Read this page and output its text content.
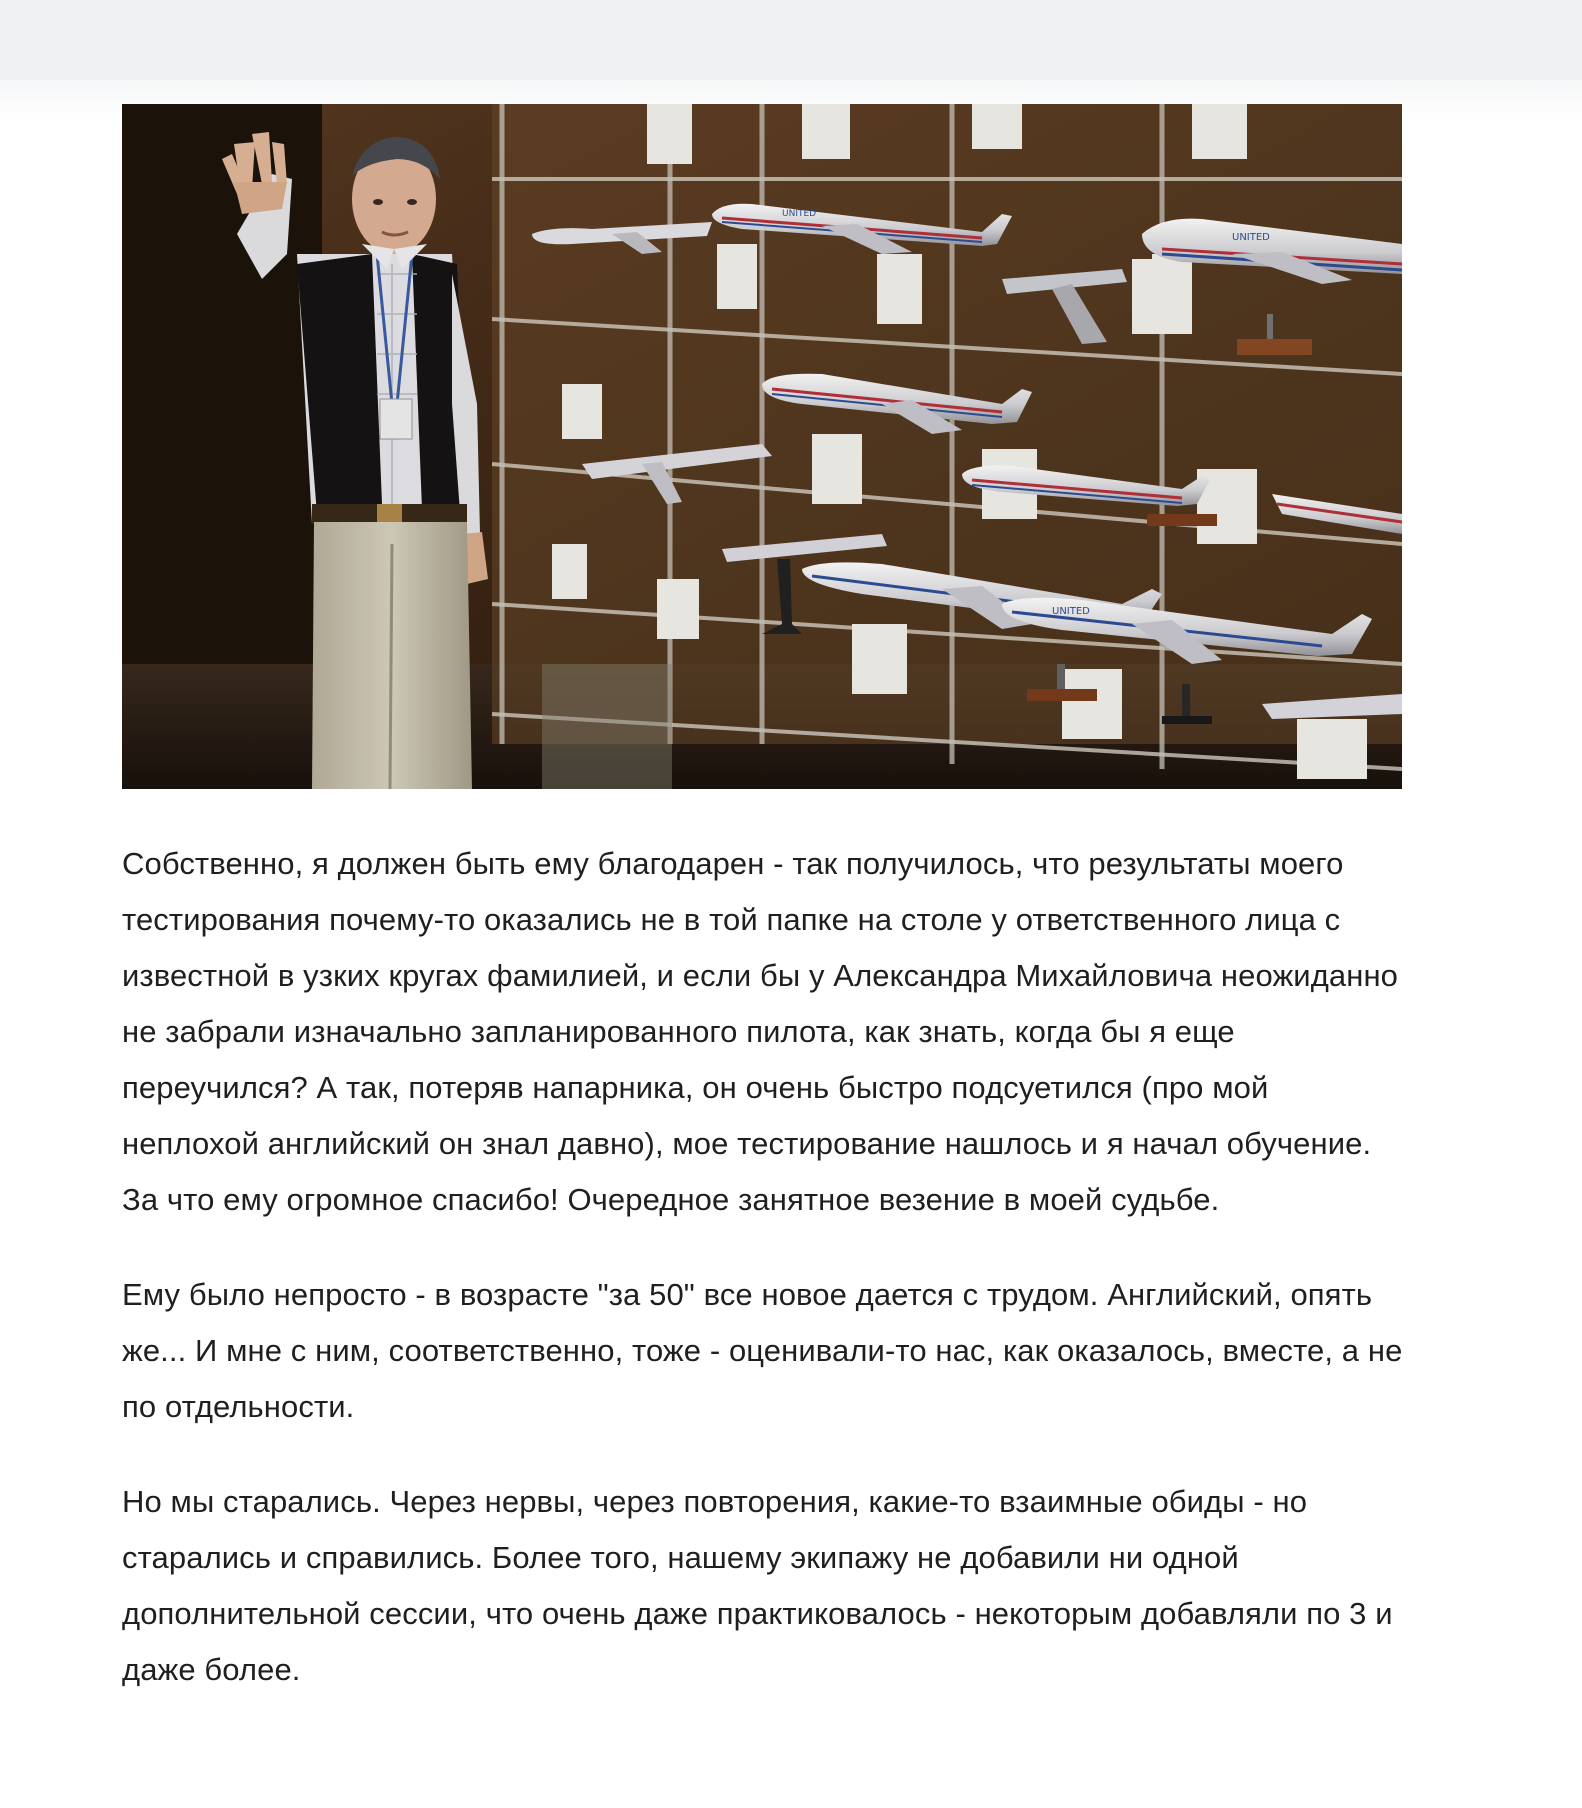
UNITED
UNITED
UNITED

Собственно, я должен быть ему благодарен - так получилось, что результаты моего тестирования почему-то оказались не в той папке на столе у ответственного лица с известной в узких кругах фамилией, и если бы у Александра Михайловича неожиданно не забрали изначально запланированного пилота, как знать, когда бы я еще переучился? А так, потеряв напарника, он очень быстро подсуетился (про мой неплохой английский он знал давно), мое тестирование нашлось и я начал обучение. За что ему огромное спасибо! Очередное занятное везение в моей судьбе.

Ему было непросто - в возрасте "за 50" все новое дается с трудом. Английский, опять же... И мне с ним, соответственно, тоже - оценивали-то нас, как оказалось, вместе, а не по отдельности.

Но мы старались. Через нервы, через повторения, какие-то взаимные обиды - но старались и справились. Более того, нашему экипажу не добавили ни одной дополнительной сессии, что очень даже практиковалось - некоторым добавляли по 3 и даже более.
